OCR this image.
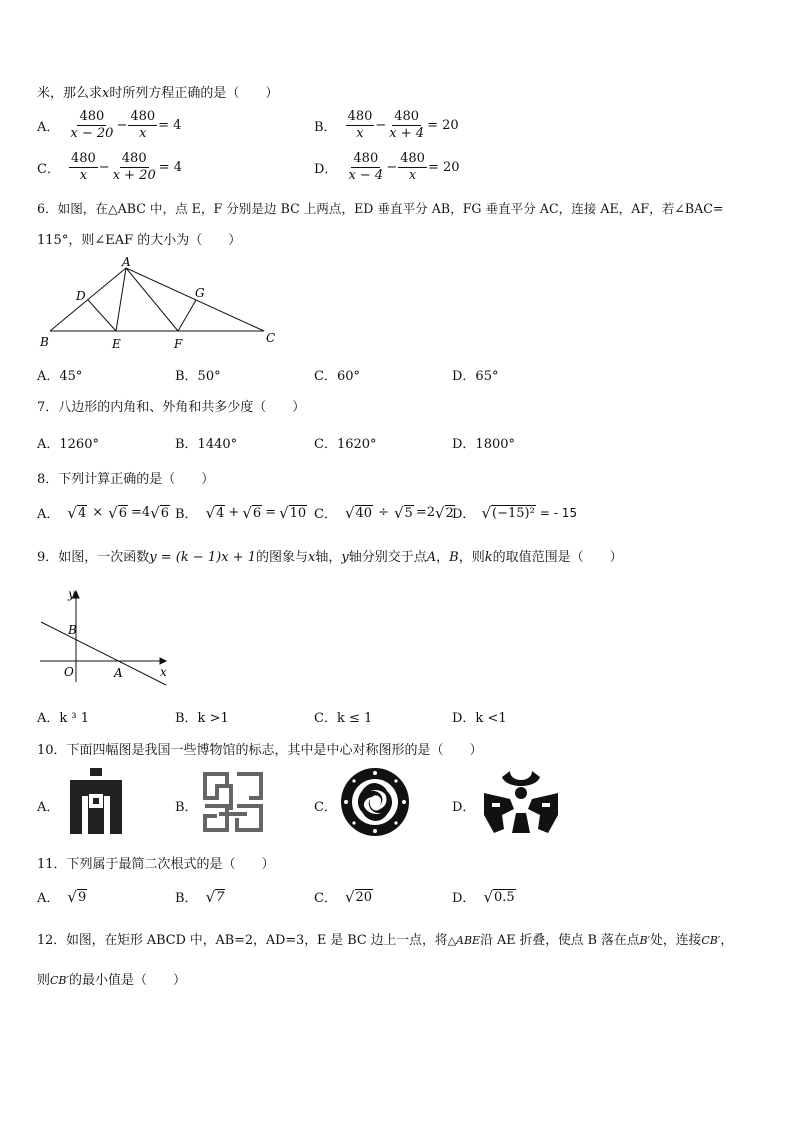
米，那么求x时所列方程正确的是（　　）
A． $\frac{480}{x - 20} - \frac{480}{x} = 4$	B． $\frac{480}{x} - \frac{480}{x + 4} = 20$
C． $\frac{480}{x} - \frac{480}{x + 20} = 4$	D． $\frac{480}{x - 4} - \frac{480}{x} = 20$
6．如图，在△ABC 中，点 E，F 分别是边 BC 上两点，ED 垂直平分 AB，FG 垂直平分 AC，连接 AE，AF，若∠BAC=
115°，则∠EAF 的大小为（　　）
A
B	C
D
E	F
G
A．45°	B．50°	C．60°	D．65°
7．八边形的内角和、外角和共多少度（　　）
A．1260°	B．1440°	C．1620°	D．1800°
8．下列计算正确的是（　　）
A． √ 4 × √ 6 =4 √ 6 B． √ 4 + √ 6 = √ 10 C． √ 40 ÷ √ 5 =2 √ 2
D． √ (−15)² = - 15
9．如图，一次函数y = (k − 1)x + 1的图象与x轴，y轴分别交于点A，B，则k的取值范围是（　　）
y
x
O	A
B
A．k ³ 1	B．k >1	C．k ≤ 1	D．k <1
10．下面四幅图是我国一些博物馆的标志，其中是中心对称图形的是（　　）
A．	B．	C．	D．
11．下列属于最简二次根式的是（　　）
A． √ 9	B． √ 7	C． √ 20	D． √ 0.5
12．如图，在矩形 ABCD 中，AB=2，AD=3，E 是 BC 边上一点，将△ABE沿 AE 折叠，使点 B 落在点B′处，连接CB′，
则CB′的最小值是（　　）
